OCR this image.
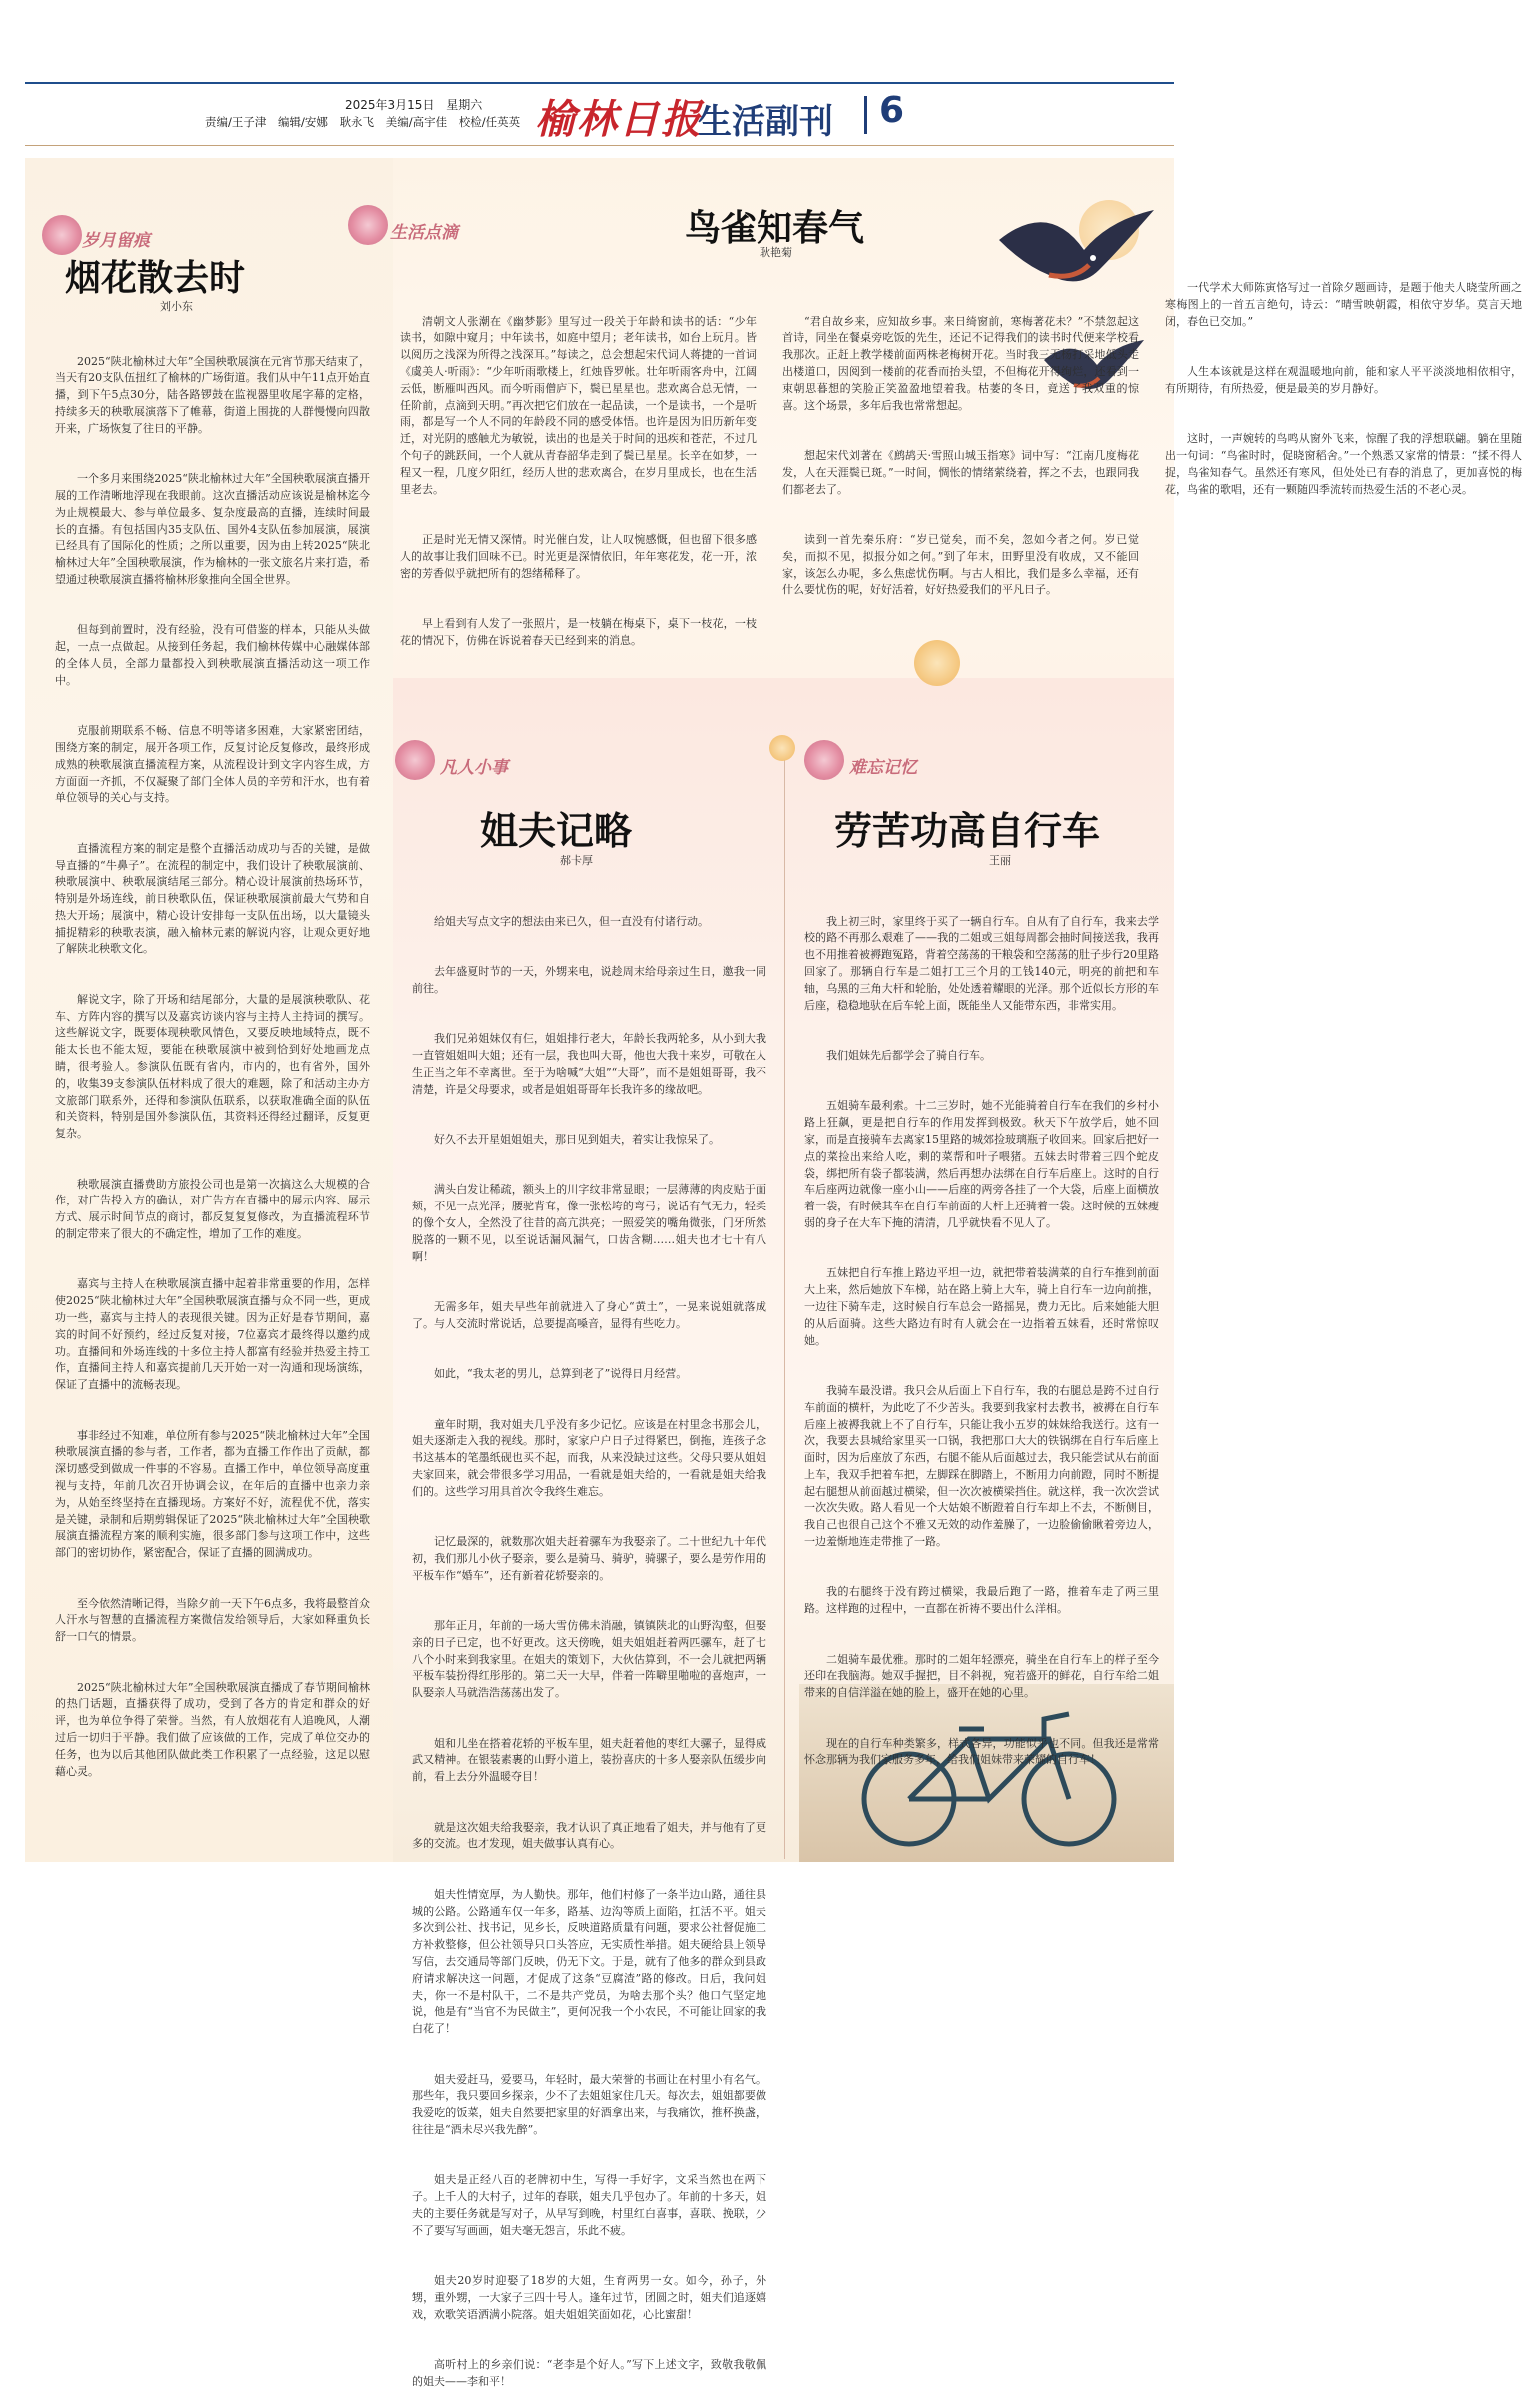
2025年3月15日 星期六
责编/王子津 编辑/安娜 耿永飞 美编/高宇佳 校检/任英英 榆林日报
生活副刊 6
岁月留痕
烟花散去时
刘小东

2025“陕北榆林过大年”全国秧歌展演在元宵节那天结束了，当天有20支队伍扭红了榆林的广场街道。我们从中午11点开始直播，到下午5点30分，陆各路锣鼓在监视器里收尾字幕的定格，持续多天的秧歌展演落下了帷幕，街道上围拢的人群慢慢向四散开来，广场恢复了往日的平静。

一个多月来围绕2025“陕北榆林过大年”全国秧歌展演直播开展的工作清晰地浮现在我眼前。这次直播活动应该说是榆林迄今为止规模最大、参与单位最多、复杂度最高的直播，连续时间最长的直播。有包括国内35支队伍、国外4支队伍参加展演，展演已经具有了国际化的性质；之所以重要，因为由上转2025“陕北榆林过大年”全国秧歌展演，作为榆林的一张文旅名片来打造，希望通过秧歌展演直播将榆林形象推向全国全世界。

但每到前置时，没有经验，没有可借鉴的样本，只能从头做起，一点一点做起。从接到任务起，我们榆林传媒中心融媒体部的全体人员，全部力量都投入到秧歌展演直播活动这一项工作中。

克服前期联系不畅、信息不明等诸多困难，大家紧密团结，围绕方案的制定，展开各项工作，反复讨论反复修改，最终形成成熟的秧歌展演直播流程方案，从流程设计到文字内容生成，方方面面一齐抓，不仅凝聚了部门全体人员的辛劳和汗水，也有着单位领导的关心与支持。

直播流程方案的制定是整个直播活动成功与否的关键，是做导直播的“牛鼻子”。在流程的制定中，我们设计了秧歌展演前、秧歌展演中、秧歌展演结尾三部分。精心设计展演前热场环节，特别是外场连线，前日秧歌队伍，保证秧歌展演前最大气势和自热大开场；展演中，精心设计安排每一支队伍出场，以大量镜头捕捉精彩的秧歌表演，融入榆林元素的解说内容，让观众更好地了解陕北秧歌文化。

解说文字，除了开场和结尾部分，大量的是展演秧歌队、花车、方阵内容的撰写以及嘉宾访谈内容与主持人主持词的撰写。这些解说文字，既要体现秧歌风情色，又要反映地域特点，既不能太长也不能太短，要能在秧歌展演中被到恰到好处地画龙点睛，很考验人。参演队伍既有省内，市内的，也有省外，国外的，收集39支参演队伍材料成了很大的难题，除了和活动主办方文旅部门联系外，还得和参演队伍联系，以获取准确全面的队伍和关资料，特别是国外参演队伍，其资料还得经过翻译，反复更复杂。

秧歌展演直播费助方旅投公司也是第一次搞这么大规模的合作，对广告投入方的确认，对广告方在直播中的展示内容、展示方式、展示时间节点的商讨，都反复复复修改，为直播流程环节的制定带来了很大的不确定性，增加了工作的难度。

嘉宾与主持人在秧歌展演直播中起着非常重要的作用，怎样使2025“陕北榆林过大年”全国秧歌展演直播与众不同一些，更成功一些，嘉宾与主持人的表现很关键。因为正好是春节期间，嘉宾的时间不好预约，经过反复对接，7位嘉宾才最终得以邀约成功。直播间和外场连线的十多位主持人都富有经验并热爱主持工作，直播间主持人和嘉宾提前几天开始一对一沟通和现场演练，保证了直播中的流畅表现。

事非经过不知难，单位所有参与2025“陕北榆林过大年”全国秧歌展演直播的参与者，工作者，都为直播工作作出了贡献，都深切感受到做成一件事的不容易。直播工作中，单位领导高度重视与支持，年前几次召开协调会议，在年后的直播中也亲力亲为，从始至终坚持在直播现场。方案好不好，流程优不优，落实是关键，录制和后期剪辑保证了2025“陕北榆林过大年”全国秧歌展演直播流程方案的顺利实施，很多部门参与这项工作中，这些部门的密切协作，紧密配合，保证了直播的圆满成功。

至今依然清晰记得，当除夕前一天下午6点多，我将最整首众人汗水与智慧的直播流程方案微信发给领导后，大家如释重负长舒一口气的情景。

2025“陕北榆林过大年”全国秧歌展演直播成了春节期间榆林的热门话题，直播获得了成功，受到了各方的肯定和群众的好评，也为单位争得了荣誉。当然，有人放烟花有人追晚风，人潮过后一切归于平静。我们做了应该做的工作，完成了单位交办的任务，也为以后其他团队做此类工作积累了一点经验，这足以慰藉心灵。

生活点滴	鸟雀知春气
耿艳菊

清朝文人张潮在《幽梦影》里写过一段关于年龄和读书的话：“少年读书，如隙中窥月；中年读书，如庭中望月；老年读书，如台上玩月。皆以阅历之浅深为所得之浅深耳。”每读之，总会想起宋代词人蒋捷的一首词《虞美人·听雨》：“少年听雨歌楼上，红烛昏罗帐。壮年听雨客舟中，江阔云低，断雁叫西风。而今听雨僧庐下，鬓已星星也。悲欢离合总无情，一任阶前，点滴到天明。”再次把它们放在一起品读，一个是读书，一个是听雨，都是写一个人不同的年龄段不同的感受体悟。也许是因为旧历新年变迁，对光阴的感触尤为敏锐，读出的也是关于时间的迅疾和苍茫，不过几个句子的跳跃间，一个人就从青春韶华走到了鬓已星星。长辛在如梦，一程又一程，几度夕阳红，经历人世的悲欢离合，在岁月里成长，也在生活里老去。

正是时光无情又深情。时光催白发，让人叹惋感慨，但也留下很多感人的故事让我们回味不已。时光更是深情依旧，年年寒花发，花一开，浓密的芳香似乎就把所有的怨绪稀释了。

早上看到有人发了一张照片，是一枝躺在梅桌下，桌下一枝花，一枝花的情况下，仿佛在诉说着春天已经到来的消息。

“君自故乡来，应知故乡事。来日绮窗前，寒梅著花未？”不禁忽起这首诗，同坐在餐桌旁吃饭的先生，还记不记得我们的读书时代便来学校看我那次。正赶上教学楼前面两株老梅树开花。当时我三无杨打采地低头走出楼道口，因阅到一楼前的花香而抬头望，不但梅花开得绚烂，还看到一束朝思暮想的笑脸正笑盈盈地望着我。枯萎的冬日，竟送了我双重的惊喜。这个场景，多年后我也常常想起。

想起宋代刘著在《鹧鸪天·雪照山城玉指寒》词中写：“江南几度梅花发，人在天涯鬓已斑。”一时间，惆怅的情绪萦绕着，挥之不去，也跟同我们都老去了。

读到一首先秦乐府：“岁已觉矣，而不矣，忽如今者之何。岁已觉矣，而拟不见，拟报分如之何。”到了年末，田野里没有收成，又不能回家，该怎么办呢，多么焦虑忧伤啊。与古人相比，我们是多么幸福，还有什么要忧伤的呢，好好活着，好好热爱我们的平凡日子。

一代学术大师陈寅恪写过一首除夕题画诗，是题于他夫人晓莹所画之寒梅图上的一首五言绝句，诗云：“晴雪映朝霞，相依守岁华。莫言天地闭，春色已交加。”

人生本该就是这样在观温暖地向前，能和家人平平淡淡地相依相守，有所期待，有所热爱，便是最美的岁月静好。

这时，一声婉转的鸟鸣从窗外飞来，惊醒了我的浮想联翩。躺在里随出一句词：“鸟雀时时，促晓窗稻舍。”一个熟悉又家常的情景：“揉不得人捉，鸟雀知春气。虽然还有寒风，但处处已有春的消息了，更加喜悦的梅花，鸟雀的歌唱，还有一颗随四季流转而热爱生活的不老心灵。

凡人小事
姐夫记略
郝卡厚

给姐夫写点文字的想法由来已久，但一直没有付诸行动。

去年盛夏时节的一天，外甥来电，说趁周末给母亲过生日，邀我一同前往。

我们兄弟姐妹仅有仨，姐姐排行老大，年龄长我两轮多，从小到大我一直管姐姐叫大姐；还有一层，我也叫大哥，他也大我十来岁，可敬在人生正当之年不幸离世。至于为啥喊“大姐”“大哥”，而不是姐姐哥哥，我不清楚，许是父母要求，或者是姐姐哥哥年长我许多的缘故吧。

好久不去开星姐姐姐夫，那日见到姐夫，着实让我惊呆了。

满头白发让稀疏，额头上的川字纹非常显眼；一层薄薄的肉皮贴于面颊，不见一点光泽；腰驼背耷，像一张松垮的弯弓；说话有气无力，轻柔的像个女人，全然没了往昔的高亢洪亮；一照爱笑的嘴角微张，门牙所然脱落的一颗不见，以至说话漏风漏气，口齿含糊……姐夫也才七十有八啊！

无需多年，姐夫早些年前就进入了身心“黄土”，一晃来说姐就落成了。与人交流时常说话，总要提高嗓音，显得有些吃力。

如此，“我太老的男儿，总算到老了”说得日月经营。

童年时期，我对姐夫几乎没有多少记忆。应该是在村里念书那会儿，姐夫逐渐走入我的视线。那时，家家户户日子过得紧巴，倒拖，连孩子念书这基本的笔墨纸砚也买不起，而我，从来没缺过这些。父母只要从姐姐夫家回来，就会带很多学习用品，一看就是姐夫给的，一看就是姐夫给我们的。这些学习用具首次令我终生难忘。

记忆最深的，就数那次姐夫赶着骡车为我娶亲了。二十世纪九十年代初，我们那儿小伙子娶亲，要么是骑马、骑驴，骑骡子，要么是劳作用的平板车作“婚车”，还有新着花轿娶亲的。

那年正月，年前的一场大雪仿佛未消融，镇镇陕北的山野沟壑，但娶亲的日子已定，也不好更改。这天傍晚，姐夫姐姐赶着两匹骡车，赶了七八个小时来到我家里。在姐夫的策划下，大伙估算到，不一会儿就把两辆平板车装扮得红彤彤的。第二天一大早，伴着一阵噼里啪啦的喜炮声，一队娶亲人马就浩浩荡荡出发了。

姐和儿坐在搭着花轿的平板车里，姐夫赶着他的枣红大骡子，显得威武又精神。在银装素裹的山野小道上，装扮喜庆的十多人娶亲队伍缓步向前，看上去分外温暖夺目！

就是这次姐夫给我娶亲，我才认识了真正地看了姐夫，并与他有了更多的交流。也才发现，姐夫做事认真有心。

姐夫性情宽厚，为人勤快。那年，他们村修了一条半边山路，通往县城的公路。公路通车仅一年多，路基、边沟等质上面陷，扛活不平。姐夫多次到公社、找书记，见乡长，反映道路质量有问题，要求公社督促施工方补救整修，但公社领导只口头答应，无实质性举措。姐夫硬给县上领导写信，去交通局等部门反映，仍无下文。于是，就有了他多的群众到县政府请求解决这一问题，才促成了这条“豆腐渣”路的修改。日后，我问姐夫，你一不是村队干，二不是共产党员，为啥去那个头？他口气坚定地说，他是有“当官不为民做主”，更何况我一个小农民，不可能让回家的我白花了！

姐夫爱赶马，爱要马，年轻时，最大荣誉的书画让在村里小有名气。那些年，我只要回乡探亲，少不了去姐姐家住几天。每次去，姐姐都要做我爱吃的饭菜，姐夫自然要把家里的好酒拿出来，与我痛饮，推杯换盏，往往是“酒未尽兴我先醉”。

姐夫是正经八百的老牌初中生，写得一手好字，文采当然也在两下子。上千人的大村子，过年的春联，姐夫几乎包办了。年前的十多天，姐夫的主要任务就是写对子，从早写到晚，村里红白喜事，喜联、挽联，少不了要写写画画，姐夫毫无怨言，乐此不疲。

姐夫20岁时迎娶了18岁的大姐，生育两男一女。如今，孙子，外甥，重外甥，一大家子三四十号人。逢年过节，团圆之时，姐夫们追逐嬉戏，欢歌笑语洒满小院落。姐夫姐姐笑面如花，心比蜜甜！

高听村上的乡亲们说：“老李是个好人。”写下上述文字，致敬我敬佩的姐夫——李和平！

难忘记忆
劳苦功高自行车
王丽

我上初三时，家里终于买了一辆自行车。自从有了自行车，我来去学校的路不再那么艰难了——我的二姐或三姐每周都会抽时间接送我，我再也不用推着被褥跑冤路，背着空荡荡的干粮袋和空荡荡的肚子步行20里路回家了。那辆自行车是二姐打工三个月的工钱140元，明亮的前把和车轴，乌黑的三角大杆和轮胎，处处透着耀眼的光泽。那个近似长方形的车后座，稳稳地驮在后车轮上面，既能坐人又能带东西，非常实用。

我们姐妹先后都学会了骑自行车。

五姐骑车最利索。十二三岁时，她不光能骑着自行车在我们的乡村小路上狂飙，更是把自行车的作用发挥到极致。秋天下午放学后，她不回家，而是直接骑车去离家15里路的城郊捡玻璃瓶子收回来。回家后把好一点的菜捡出来给人吃，剩的菜帮和叶子喂猪。五妹去时带着三四个蛇皮袋，绑把所有袋子都装满，然后再想办法绑在自行车后座上。这时的自行车后座两边就像一座小山——后座的两旁各挂了一个大袋，后座上面横放着一袋，有时候其车在自行车前面的大杆上还骑着一袋。这时候的五妹瘦弱的身子在大车下掩的清清，几乎就快看不见人了。

五妹把自行车推上路边平坦一边，就把带着装满菜的自行车推到前面大上来，然后她放下车梯，站在路上骑上大车，骑上自行车一边向前推，一边往下骑车走，这时候自行车总会一路摇晃，费力无比。后来她能大胆的从后面骑。这些大路边有时有人就会在一边指着五妹看，还时常惊叹她。

我骑车最没谱。我只会从后面上下自行车，我的右腿总是跨不过自行车前面的横杆，为此吃了不少苦头。我要到我家村去教书，被褥在自行车后座上被褥我就上不了自行车，只能让我小五岁的妹妹给我送行。这有一次，我要去县城给家里买一口锅，我把那口大大的铁锅绑在自行车后座上面时，因为后座放了东西，右腿不能从后面越过去，我只能尝试从右前面上车，我双手把着车把，左脚踩在脚踏上，不断用力向前蹬，同时不断提起右腿想从前面越过横梁，但一次次被横梁挡住。就这样，我一次次尝试一次次失败。路人看见一个大姑娘不断蹬着自行车却上不去，不断侧目，我自己也很自己这个不雅又无效的动作羞臊了，一边脸偷偷瞅着旁边人，一边羞惭地连走带推了一路。

我的右腿终于没有跨过横梁，我最后跑了一路，推着车走了两三里路。这样跑的过程中，一直都在祈祷不要出什么洋相。

二姐骑车最优雅。那时的二姐年轻漂亮，骑坐在自行车上的样子至今还印在我脑海。她双手握把，目不斜视，宛若盛开的鲜花，自行车给二姐带来的自信洋溢在她的脸上，盛开在她的心里。

现在的自行车种类繁多，样式各异，功能似乎也不同。但我还是常常怀念那辆为我们家服务多年，给我们姐妹带来荣耀的自行车！
